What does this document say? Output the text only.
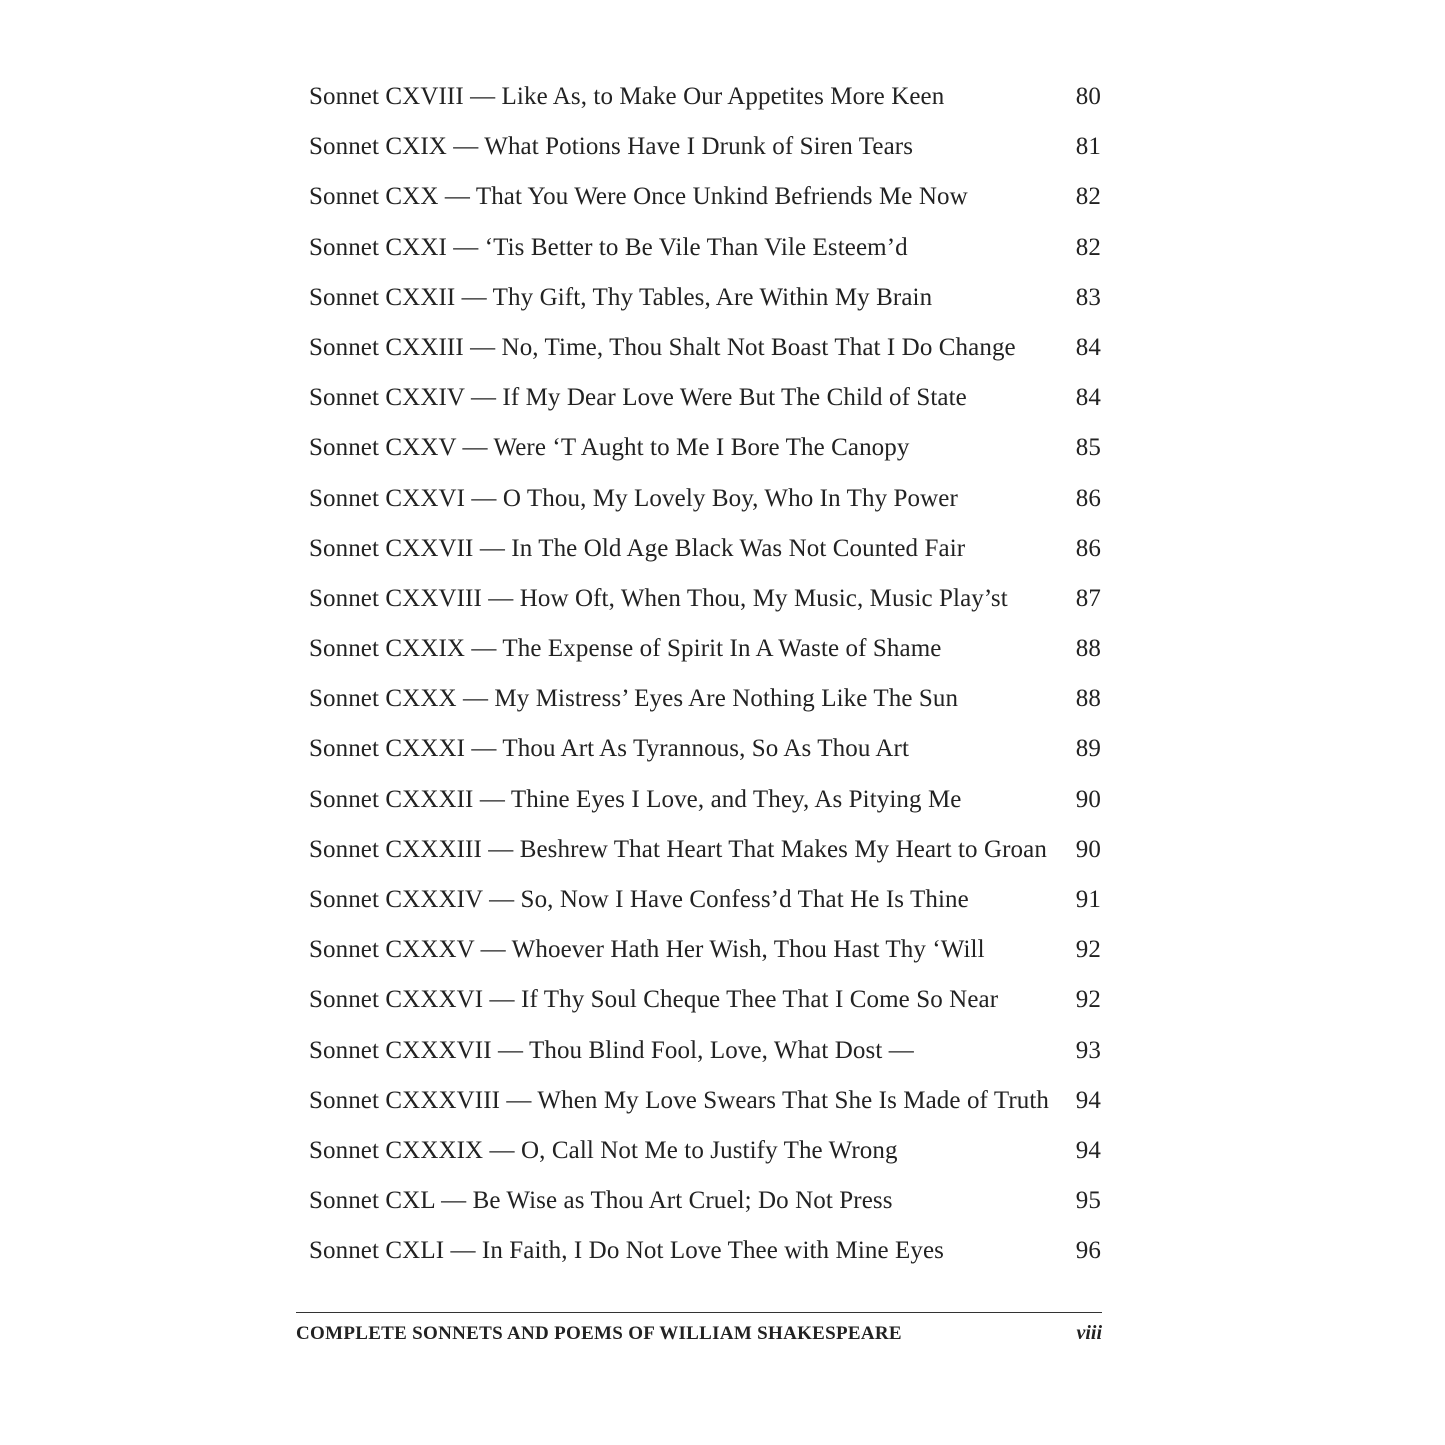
Sonnet CXVIII — Like As, to Make Our Appetites More Keen	80
Sonnet CXIX — What Potions Have I Drunk of Siren Tears	81
Sonnet CXX — That You Were Once Unkind Befriends Me Now	82
Sonnet CXXI — ‘Tis Better to Be Vile Than Vile Esteem’d	82
Sonnet CXXII — Thy Gift, Thy Tables, Are Within My Brain	83
Sonnet CXXIII — No, Time, Thou Shalt Not Boast That I Do Change	84
Sonnet CXXIV — If My Dear Love Were But The Child of State	84
Sonnet CXXV — Were ‘T Aught to Me I Bore The Canopy	85
Sonnet CXXVI — O Thou, My Lovely Boy, Who In Thy Power	86
Sonnet CXXVII — In The Old Age Black Was Not Counted Fair	86
Sonnet CXXVIII — How Oft, When Thou, My Music, Music Play’st	87
Sonnet CXXIX — The Expense of Spirit In A Waste of Shame	88
Sonnet CXXX — My Mistress’ Eyes Are Nothing Like The Sun	88
Sonnet CXXXI — Thou Art As Tyrannous, So As Thou Art	89
Sonnet CXXXII — Thine Eyes I Love, and They, As Pitying Me	90
Sonnet CXXXIII — Beshrew That Heart That Makes My Heart to Groan	90
Sonnet CXXXIV — So, Now I Have Confess’d That He Is Thine	91
Sonnet CXXXV — Whoever Hath Her Wish, Thou Hast Thy ‘Will	92
Sonnet CXXXVI — If Thy Soul Cheque Thee That I Come So Near	92
Sonnet CXXXVII — Thou Blind Fool, Love, What Dost —	93
Sonnet CXXXVIII — When My Love Swears That She Is Made of Truth	94
Sonnet CXXXIX — O, Call Not Me to Justify The Wrong	94
Sonnet CXL — Be Wise as Thou Art Cruel; Do Not Press	95
Sonnet CXLI — In Faith, I Do Not Love Thee with Mine Eyes	96
COMPLETE SONNETS AND POEMS OF WILLIAM SHAKESPEARE	viii
